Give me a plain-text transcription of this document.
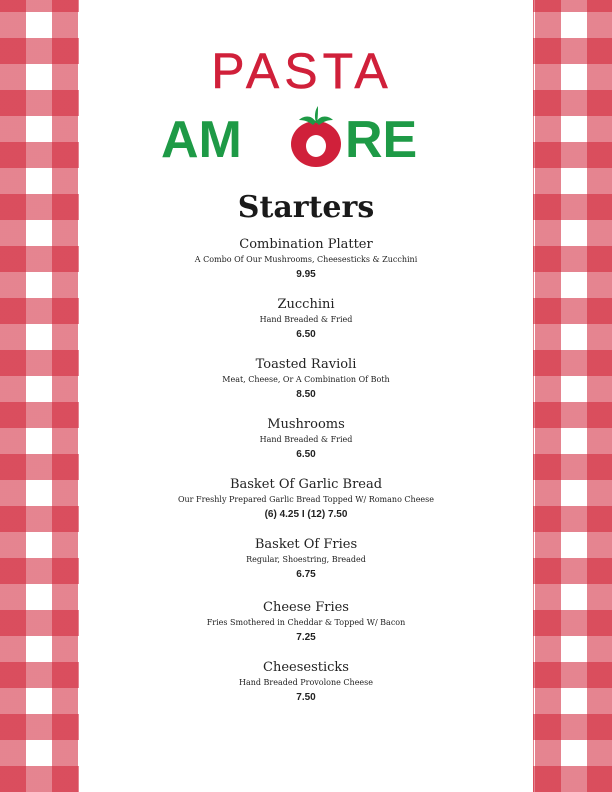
PASTA
AM RE
Starters
Combination Platter
A Combo Of Our Mushrooms, Cheesesticks & Zucchini
9.95
Zucchini
Hand Breaded & Fried
6.50
Toasted Ravioli
Meat, Cheese, Or A Combination Of Both
8.50
Mushrooms
Hand Breaded & Fried
6.50
Basket Of Garlic Bread
Our Freshly Prepared Garlic Bread Topped W/ Romano Cheese
(6) 4.25 I (12) 7.50
Basket Of Fries
Regular, Shoestring, Breaded
6.75
Cheese Fries
Fries Smothered in Cheddar & Topped W/ Bacon
7.25
Cheesesticks
Hand Breaded Provolone Cheese
7.50
